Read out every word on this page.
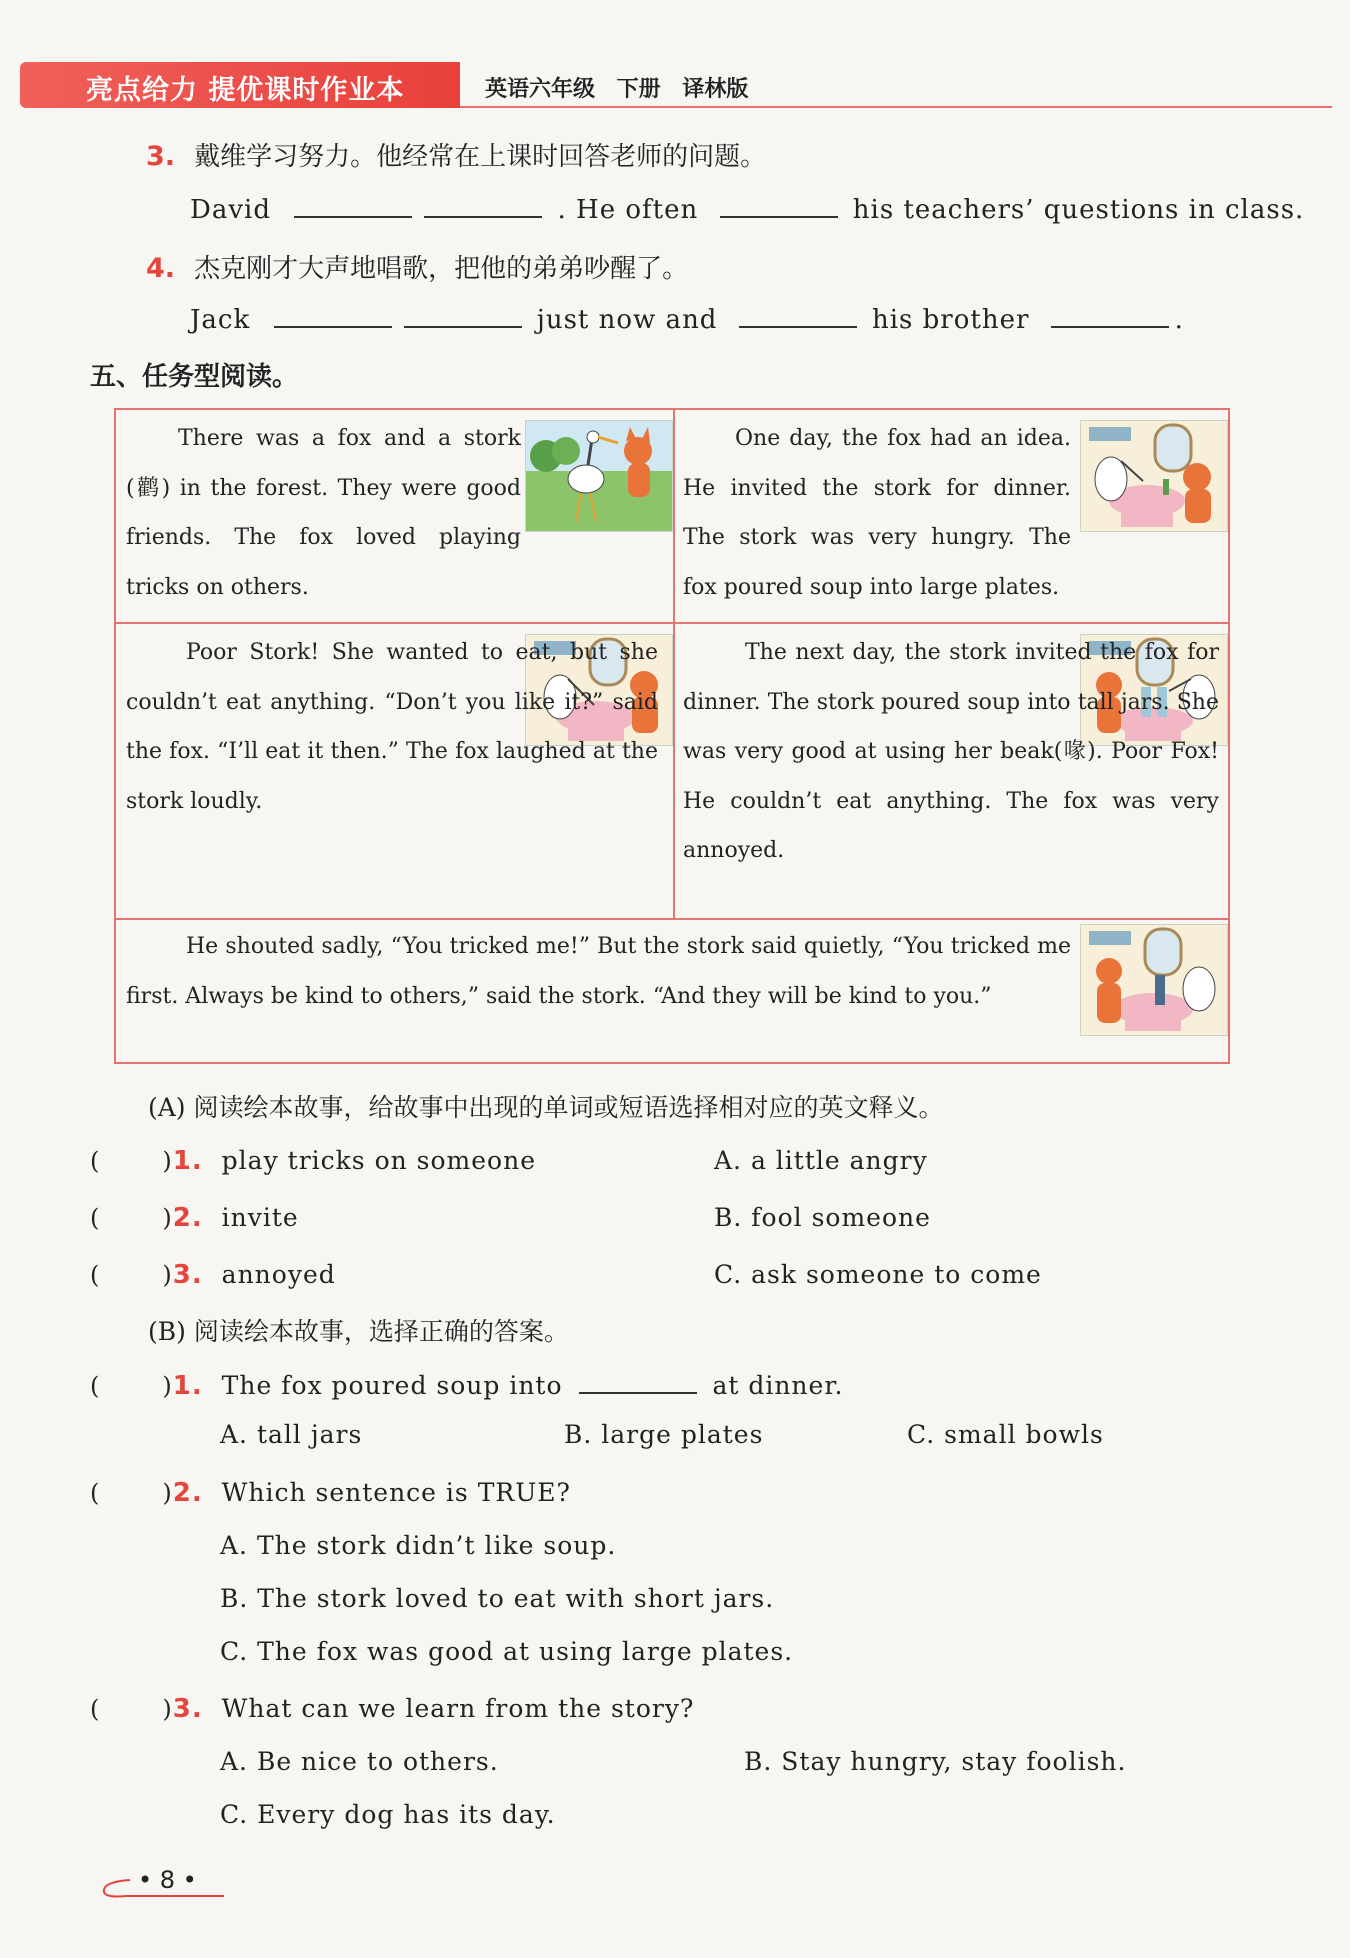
亮点给力 提优课时作业本	英语六年级 下册 译林版
3. 戴维学习努力。他经常在上课时回答老师的问题。
David	. He often	his teachers’ questions in class.
4. 杰克刚才大声地唱歌，把他的弟弟吵醒了。
Jack	just now and	his brother	.
五、任务型阅读。
There was a fox and a stork (鹳) in the forest. They were good friends. The fox loved playing tricks on others.
One day, the fox had an idea. He invited the stork for dinner. The stork was very hungry. The fox poured soup into large plates.
Poor Stork! She wanted to eat, but she couldn’t eat anything. “Don’t you like it?” said the fox. “I’ll eat it then.” The fox laughed at the stork loudly.
The next day, the stork invited the fox for dinner. The stork poured soup into tall jars. She was very good at using her beak(喙). Poor Fox! He couldn’t eat anything. The fox was very annoyed.
He shouted sadly, “You tricked me!” But the stork said quietly, “You tricked me first. Always be kind to others,” said the stork. “And they will be kind to you.”
(A) 阅读绘本故事，给故事中出现的单词或短语选择相对应的英文释义。
(	)1. play tricks on someone	A. a little angry
(	)2. invite	B. fool someone
(	)3. annoyed	C. ask someone to come
(B) 阅读绘本故事，选择正确的答案。
(	)1. The fox poured soup into	at dinner.
A. tall jars	B. large plates	C. small bowls
(	)2. Which sentence is TRUE?
A. The stork didn’t like soup.
B. The stork loved to eat with short jars.
C. The fox was good at using large plates.
(	)3. What can we learn from the story?
A. Be nice to others.	B. Stay hungry, stay foolish.
C. Every dog has its day.
• 8 •
